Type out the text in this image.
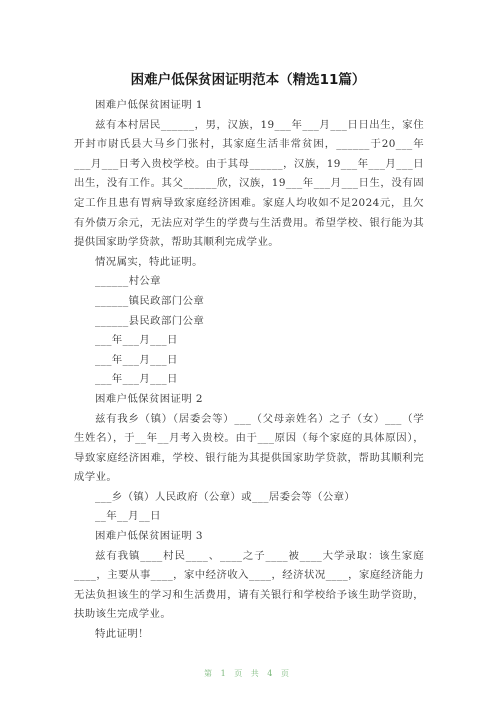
困难户低保贫困证明范本（精选11篇）

困难户低保贫困证明 1

兹有本村居民______，男，汉族，19___年___月___日日出生，家住开封市尉氏县大马乡门张村，其家庭生活非常贫困，______于20___年___月___日考入贵校学校。由于其母______，汉族，19___年___月___日出生，没有工作。其父______欣，汉族，19___年___月___日生，没有固定工作且患有胃病导致家庭经济困难。家庭人均收如不足2024元，且欠有外债万余元，无法应对学生的学费与生活费用。希望学校、银行能为其提供国家助学贷款，帮助其顺利完成学业。

情况属实，特此证明。

______村公章

______镇民政部门公章

______县民政部门公章

___年___月___日

___年___月___日

___年___月___日

困难户低保贫困证明 2

兹有我乡（镇）（居委会等）___（父母亲姓名）之子（女）___（学生姓名），于__年__月考入贵校。由于___原因（每个家庭的具体原因），导致家庭经济困难，学校、银行能为其提供国家助学贷款，帮助其顺利完成学业。

___乡（镇）人民政府（公章）或___居委会等（公章）

__年__月__日

困难户低保贫困证明 3

兹有我镇____村民____、____之子____被____大学录取：该生家庭____，主要从事____，家中经济收入____，经济状况____，家庭经济能力无法负担该生的学习和生活费用，请有关银行和学校给予该生助学资助，扶助该生完成学业。

特此证明！

第 1 页 共 4 页
